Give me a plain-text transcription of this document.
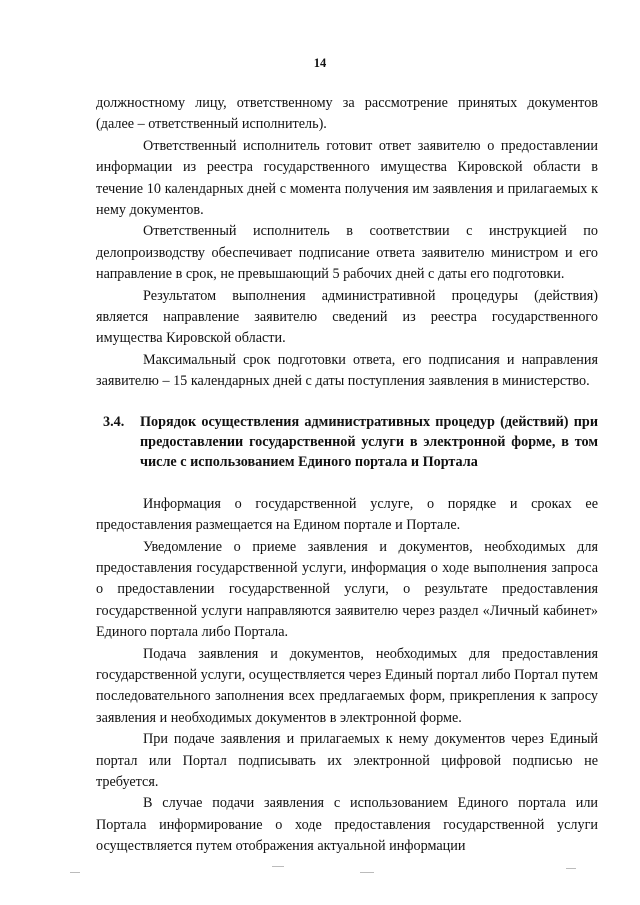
14

должностному лицу, ответственному за рассмотрение принятых документов (далее – ответственный исполнитель).

Ответственный исполнитель готовит ответ заявителю о предоставлении информации из реестра государственного имущества Кировской области в течение 10 календарных дней с момента получения им заявления и прилагаемых к нему документов.

Ответственный исполнитель в соответствии с инструкцией по делопроизводству обеспечивает подписание ответа заявителю министром и его направление в срок, не превышающий 5 рабочих дней с даты его подготовки.

Результатом выполнения административной процедуры (действия) является направление заявителю сведений из реестра государственного имущества Кировской области.

Максимальный срок подготовки ответа, его подписания и направления заявителю – 15 календарных дней с даты поступления заявления в министерство.

3.4.	Порядок осуществления административных процедур (действий) при предоставлении государственной услуги в электронной форме, в том числе с использованием Единого портала и Портала

Информация о государственной услуге, о порядке и сроках ее предоставления размещается на Едином портале и Портале.

Уведомление о приеме заявления и документов, необходимых для предоставления государственной услуги, информация о ходе выполнения запроса о предоставлении государственной услуги, о результате предоставления государственной услуги направляются заявителю через раздел «Личный кабинет» Единого портала либо Портала.

Подача заявления и документов, необходимых для предоставления государственной услуги, осуществляется через Единый портал либо Портал путем последовательного заполнения всех предлагаемых форм, прикрепления к запросу заявления и необходимых документов в электронной форме.

При подаче заявления и прилагаемых к нему документов через Единый портал или Портал подписывать их электронной цифровой подписью не требуется.

В случае подачи заявления с использованием Единого портала или Портала информирование о ходе предоставления государственной услуги осуществляется путем отображения актуальной информации
